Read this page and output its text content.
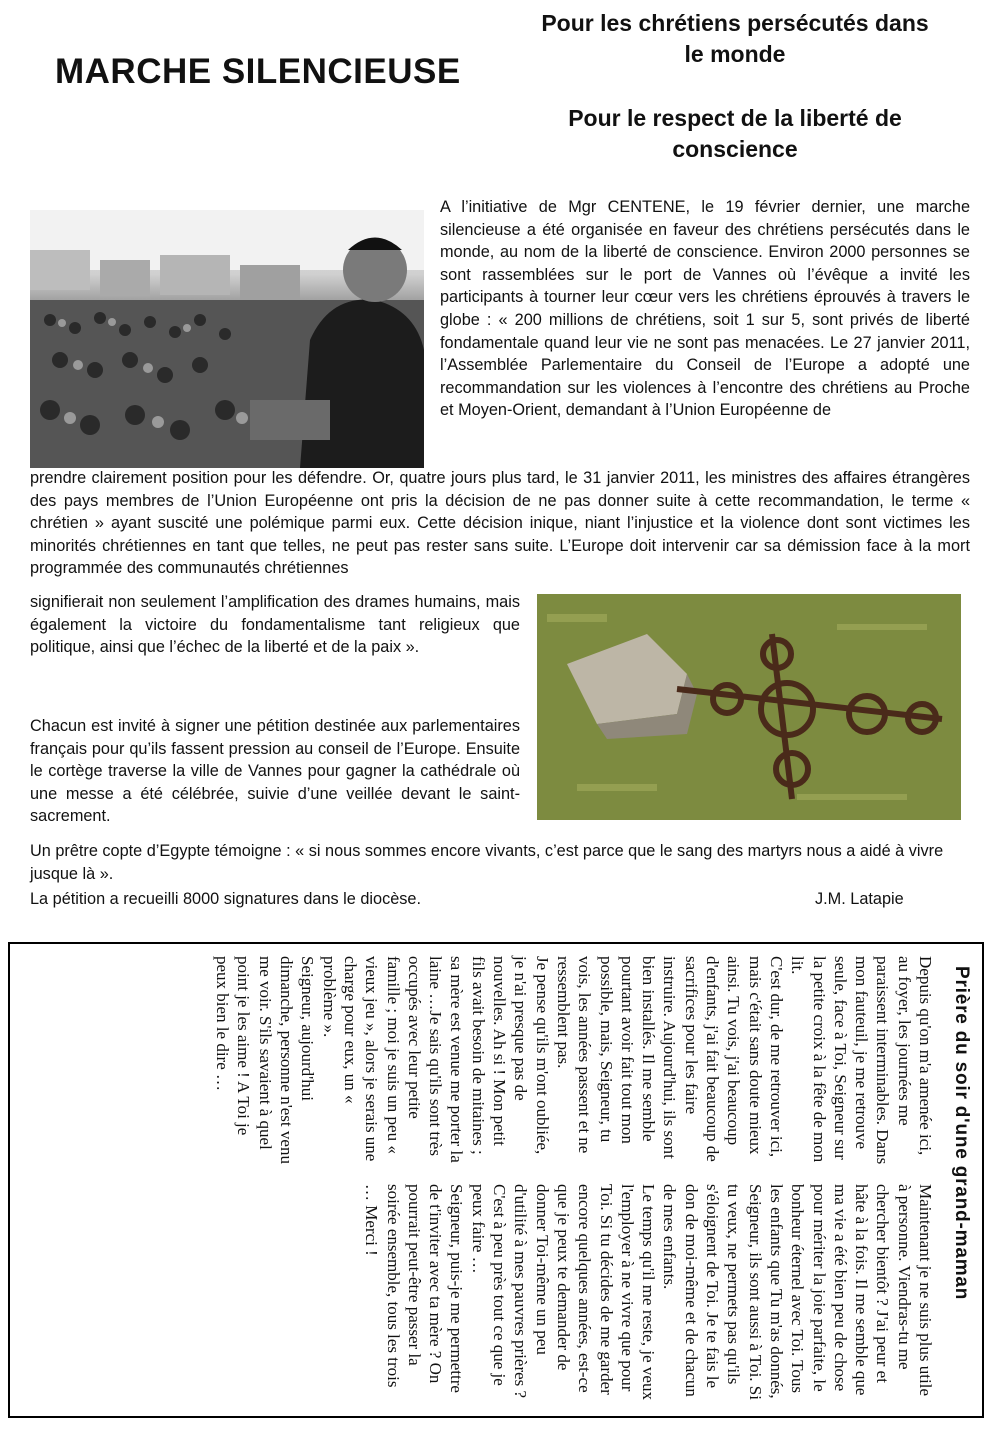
MARCHE SILENCIEUSE
Pour les chrétiens persécutés dans le monde
Pour le respect de la liberté de conscience

A l’initiative de Mgr CENTENE, le 19 février dernier, une marche silencieuse a été organisée en faveur des chrétiens persécutés dans le monde, au nom de la liberté de conscience. Environ 2000 personnes se sont rassemblées sur le port de Vannes où l’évêque a invité les participants à tourner leur cœur vers les chrétiens éprouvés à travers le globe : « 200 millions de chrétiens, soit 1 sur 5, sont privés de liberté fondamentale quand leur vie ne sont pas menacées. Le 27 janvier 2011, l’Assemblée Parlementaire du Conseil de l’Europe a adopté une recommandation sur les violences à l’encontre des chrétiens au Proche et Moyen-Orient, demandant à l’Union Européenne de

prendre clairement position pour les défendre. Or, quatre jours plus tard, le 31 janvier 2011, les ministres des affaires étrangères des pays membres de l’Union Européenne ont pris la décision de ne pas donner suite à cette recommandation, le terme « chrétien » ayant suscité une polémique parmi eux. Cette décision inique, niant l’injustice et la violence dont sont victimes les minorités chrétiennes en tant que telles, ne peut pas rester sans suite. L’Europe doit intervenir car sa démission face à la mort programmée des communautés chrétiennes

signifierait non seulement l’amplification des drames humains, mais également la victoire du fondamentalisme tant religieux que politique, ainsi que l’échec de la liberté et de la paix ».

Chacun est invité à signer une pétition destinée aux parlementaires français pour qu’ils fassent pression au conseil de l’Europe. Ensuite le cortège traverse la ville de Vannes pour gagner la cathédrale où une messe a été célébrée, suivie d’une veillée devant le saint-sacrement.

Un prêtre copte d’Egypte témoigne : « si nous sommes encore vivants, c’est parce que le sang des martyrs nous a aidé à vivre jusque là ».

La pétition a recueilli 8000 signatures dans le diocèse.	J.M. Latapie
Prière du soir d'une grand-maman

Depuis qu'on m'a amenée ici, au foyer, les journées me paraissent interminables. Dans mon fauteuil, je me retrouve seule, face à Toi, Seigneur sur la petite croix à la fête de mon lit.

C'est dur, de me retrouver ici, mais c'était sans doute mieux ainsi. Tu vois, j'ai beaucoup d'enfants, j'ai fait beaucoup de sacrifices pour les faire instruire. Aujourd'hui, ils sont bien installés. Il me semble pourtant avoir fait tout mon possible, mais, Seigneur, tu vois, les années passent et ne ressemblent pas.

Je pense qu'ils m'ont oubliée, je n'ai presque pas de nouvelles. Ah si ! Mon petit fils avait besoin de mitaines ; sa mère est venue me porter la laine …Je sais qu'ils sont très occupés avec leur petite famille ; moi je suis un peu « vieux jeu », alors je serais une charge pour eux, un « problème ».

Seigneur, aujourd'hui dimanche, personne n'est venu me voir. S'ils savaient à quel point je les aime ! A Toi je peux bien le dire …

Maintenant je ne suis plus utile à personne. Viendras-tu me chercher bientôt ? J'ai peur et hâte à la fois. Il me semble que ma vie a été bien peu de chose pour mériter la joie parfaite, le bonheur éternel avec Toi. Tous les enfants que Tu m'as donnés, Seigneur, ils sont aussi à Toi. Si tu veux, ne permets pas qu'ils s'éloignent de Toi. Je te fais le don de moi-même et de chacun de mes enfants.

Le temps qu'il me reste, je veux l'employer à ne vivre que pour Toi. Si tu décides de me garder encore quelques années, est-ce que je peux te demander de donner Toi-même un peu d'utilité à mes pauvres prières ? C'est à peu près tout ce que je peux faire …

Seigneur, puis-je me permettre de t'inviter avec ta mère ? On pourrait peut-être passer la soirée ensemble, tous les trois … Merci !
